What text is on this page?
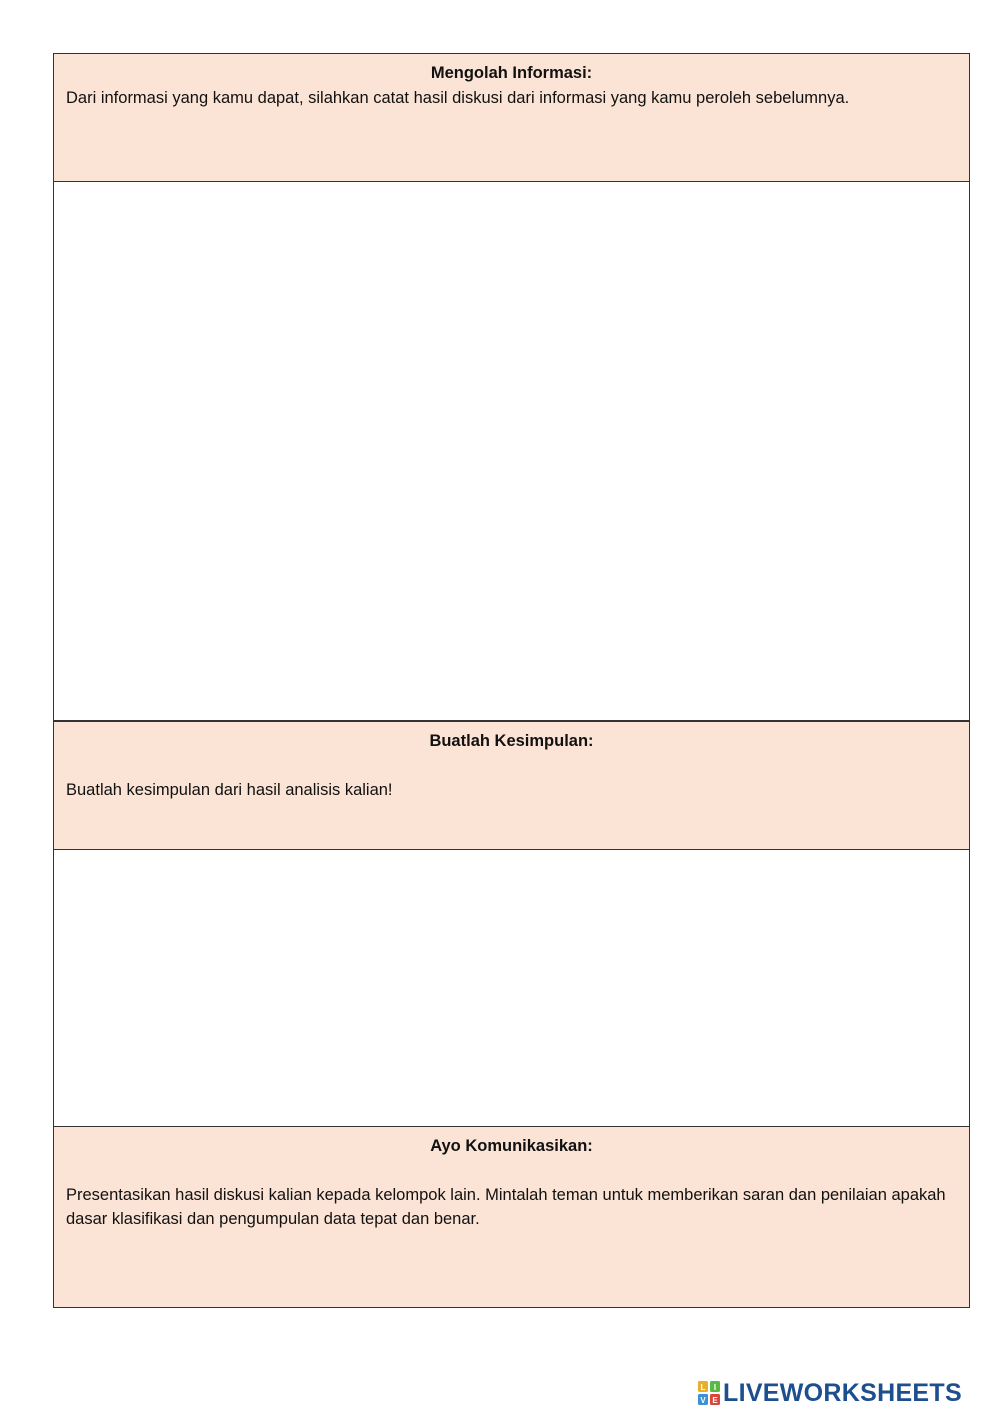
Mengolah Informasi:
Dari informasi yang kamu dapat, silahkan catat hasil diskusi dari informasi yang kamu peroleh sebelumnya.
Buatlah Kesimpulan:
Buatlah kesimpulan dari hasil analisis kalian!
Ayo Komunikasikan:
Presentasikan hasil diskusi kalian kepada kelompok lain. Mintalah teman untuk memberikan saran dan penilaian apakah dasar klasifikasi dan pengumpulan data tepat dan benar.
L I
V E LIVEWORKSHEETS
